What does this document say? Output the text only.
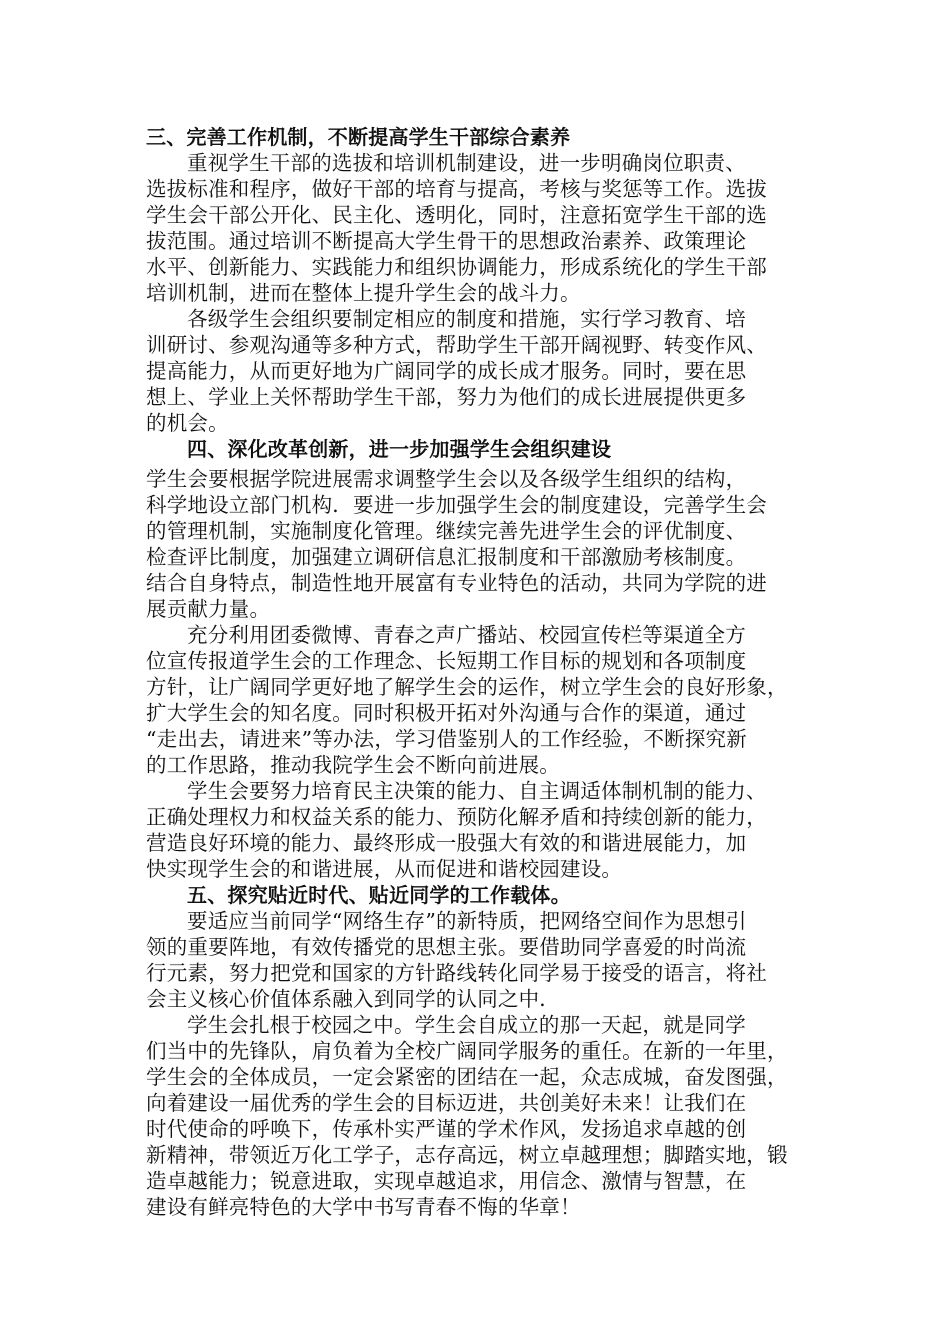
三、完善工作机制，不断提高学生干部综合素养
重视学生干部的选拔和培训机制建设，进一步明确岗位职责、
选拔标准和程序，做好干部的培育与提高，考核与奖惩等工作。选拔
学生会干部公开化、民主化、透明化，同时，注意拓宽学生干部的选
拔范围。通过培训不断提高大学生骨干的思想政治素养、政策理论
水平、创新能力、实践能力和组织协调能力，形成系统化的学生干部
培训机制，进而在整体上提升学生会的战斗力。
各级学生会组织要制定相应的制度和措施，实行学习教育、培
训研讨、参观沟通等多种方式，帮助学生干部开阔视野、转变作风、
提高能力，从而更好地为广阔同学的成长成才服务。同时，要在思
想上、学业上关怀帮助学生干部，努力为他们的成长进展提供更多
的机会。
四、深化改革创新，进一步加强学生会组织建设
学生会要根据学院进展需求调整学生会以及各级学生组织的结构，
科学地设立部门机构．要进一步加强学生会的制度建设，完善学生会
的管理机制，实施制度化管理。继续完善先进学生会的评优制度、
检查评比制度，加强建立调研信息汇报制度和干部激励考核制度。
结合自身特点，制造性地开展富有专业特色的活动，共同为学院的进
展贡献力量。
充分利用团委微博、青春之声广播站、校园宣传栏等渠道全方
位宣传报道学生会的工作理念、长短期工作目标的规划和各项制度
方针，让广阔同学更好地了解学生会的运作，树立学生会的良好形象，
扩大学生会的知名度。同时积极开拓对外沟通与合作的渠道，通过
“走出去，请进来”等办法，学习借鉴别人的工作经验，不断探究新
的工作思路，推动我院学生会不断向前进展。
学生会要努力培育民主决策的能力、自主调适体制机制的能力、
正确处理权力和权益关系的能力、预防化解矛盾和持续创新的能力，
营造良好环境的能力、最终形成一股强大有效的和谐进展能力，加
快实现学生会的和谐进展，从而促进和谐校园建设。
五、探究贴近时代、贴近同学的工作载体。
要适应当前同学“网络生存”的新特质，把网络空间作为思想引
领的重要阵地，有效传播党的思想主张。要借助同学喜爱的时尚流
行元素，努力把党和国家的方针路线转化同学易于接受的语言，将社
会主义核心价值体系融入到同学的认同之中．
学生会扎根于校园之中。学生会自成立的那一天起，就是同学
们当中的先锋队，肩负着为全校广阔同学服务的重任。在新的一年里，
学生会的全体成员，一定会紧密的团结在一起，众志成城，奋发图强，
向着建设一届优秀的学生会的目标迈进，共创美好未来！让我们在
时代使命的呼唤下，传承朴实严谨的学术作风，发扬追求卓越的创
新精神，带领近万化工学子，志存高远，树立卓越理想；脚踏实地，锻
造卓越能力；锐意进取，实现卓越追求，用信念、激情与智慧，在
建设有鲜亮特色的大学中书写青春不悔的华章！
